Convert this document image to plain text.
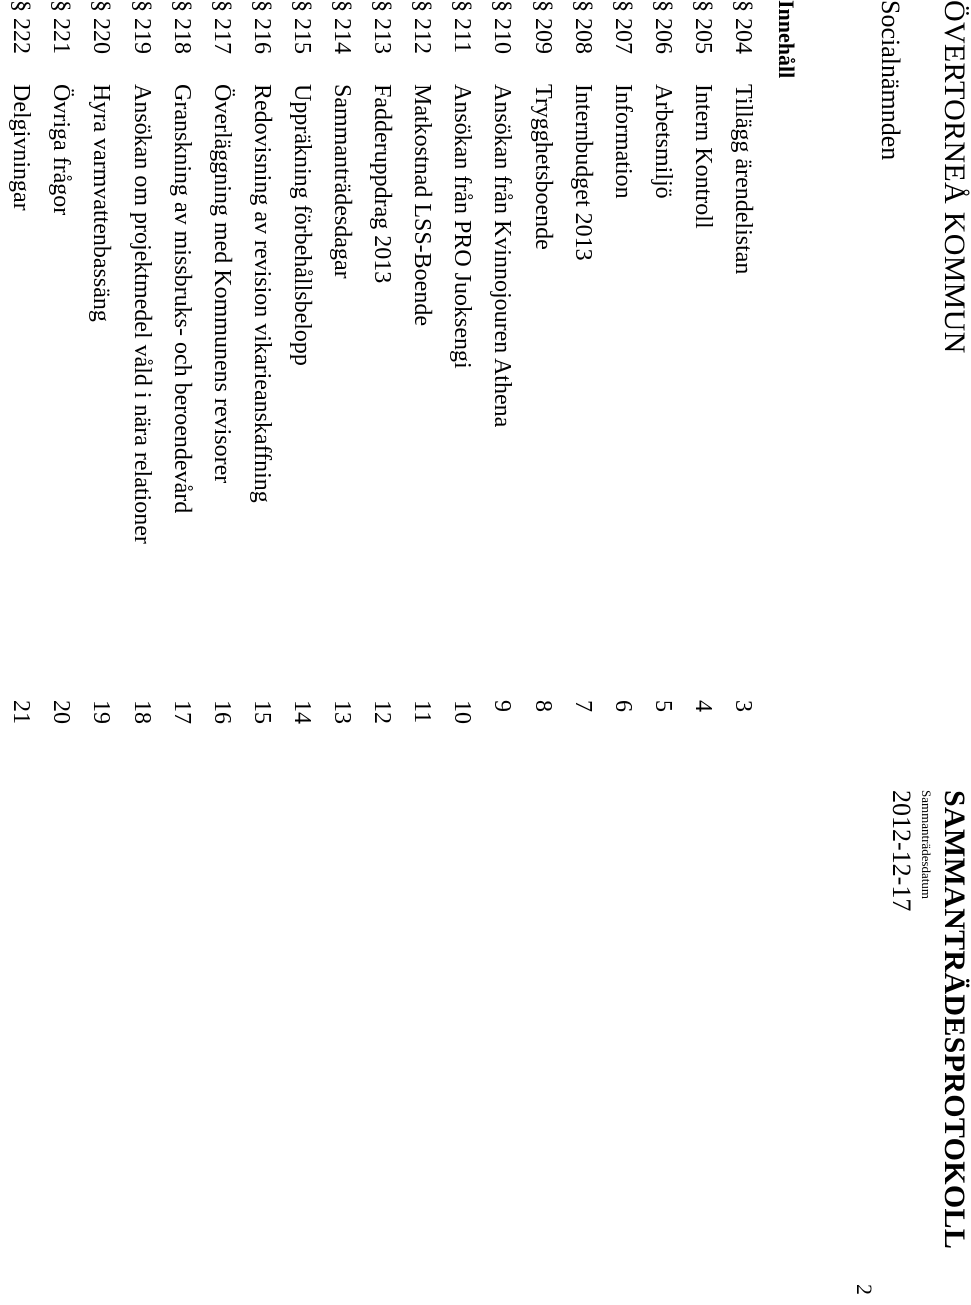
ÖVERTORNEÅ KOMMUN
Socialnämnden
SAMMANTRÄDESPROTOKOLL
Sammanträdesdatum
2012-12-17
2
Innehåll
§ 204
Tillägg ärendelistan
3
§ 205
Intern Kontroll
4
§ 206
Arbetsmiljö
5
§ 207
Information
6
§ 208
Internbudget 2013
7
§ 209
Trygghetsboende
8
§ 210
Ansökan från Kvinnojouren Athena
9
§ 211
Ansökan från PRO Juoksengi
10
§ 212
Matkostnad LSS-Boende
11
§ 213
Fadderuppdrag 2013
12
§ 214
Sammanträdesdagar
13
§ 215
Uppräkning förbehållsbelopp
14
§ 216
Redovisning av revision vikarieanskaffning
15
§ 217
Överläggning med Kommunens revisorer
16
§ 218
Granskning av missbruks- och beroendevård
17
§ 219
Ansökan om projektmedel våld i nära relationer
18
§ 220
Hyra varmvattenbassäng
19
§ 221
Övriga frågor
20
§ 222
Delgivningar
21
